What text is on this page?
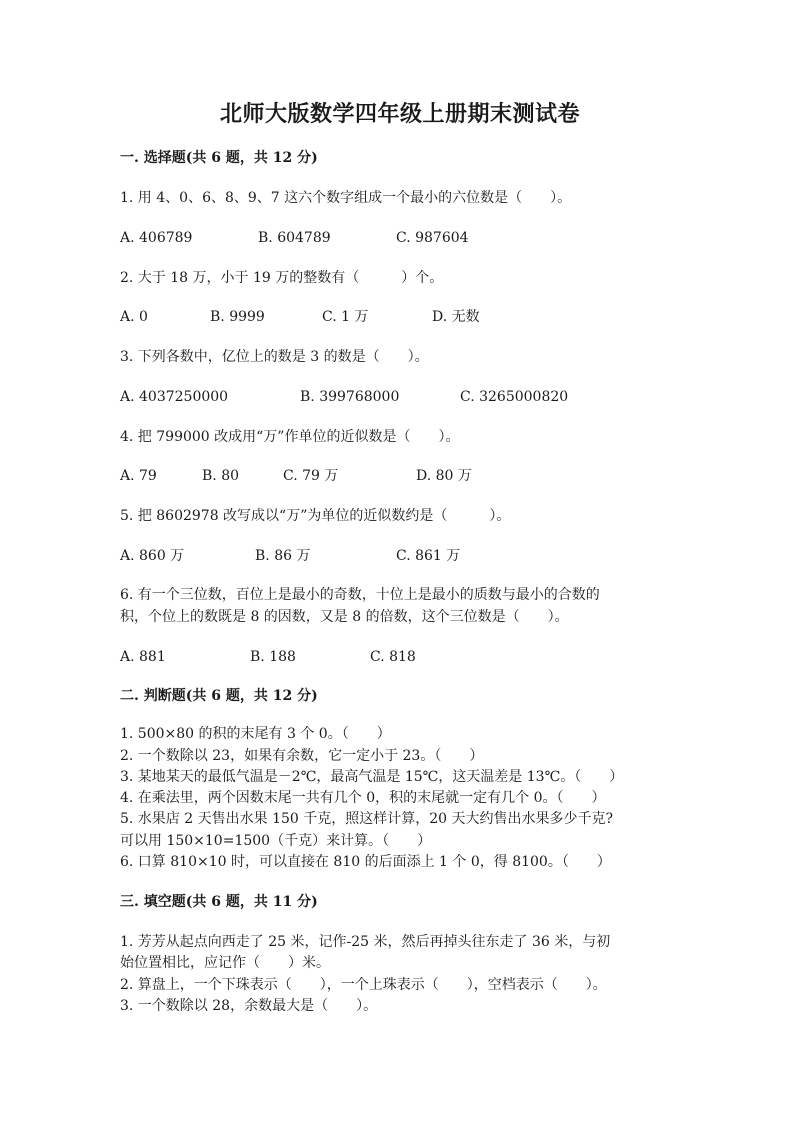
北师大版数学四年级上册期末测试卷
一. 选择题(共 6 题，共 12 分)
1. 用 4、0、6、8、9、7 这六个数字组成一个最小的六位数是（　　）。
A. 406789	B. 604789	C. 987604
2. 大于 18 万，小于 19 万的整数有（　　　）个。
A. 0	B. 9999	C. 1 万	D. 无数
3. 下列各数中，亿位上的数是 3 的数是（　　）。
A. 4037250000	B. 399768000	C. 3265000820
4. 把 799000 改成用“万”作单位的近似数是（　　）。
A. 79	B. 80	C. 79 万	D. 80 万
5. 把 8602978 改写成以“万”为单位的近似数约是（　　　）。
A. 860 万	B. 86 万	C. 861 万
6. 有一个三位数，百位上是最小的奇数，十位上是最小的质数与最小的合数的
积，个位上的数既是 8 的因数，又是 8 的倍数，这个三位数是（　　）。
A. 881	B. 188	C. 818
二. 判断题(共 6 题，共 12 分)
1. 500×80 的积的末尾有 3 个 0。（　　）
2. 一个数除以 23，如果有余数，它一定小于 23。（　　）
3. 某地某天的最低气温是－2℃，最高气温是 15℃，这天温差是 13℃。（　　）
4. 在乘法里，两个因数末尾一共有几个 0，积的末尾就一定有几个 0。（　　）
5. 水果店 2 天售出水果 150 千克，照这样计算，20 天大约售出水果多少千克?
可以用 150×10=1500（千克）来计算。（　　）
6. 口算 810×10 时，可以直接在 810 的后面添上 1 个 0，得 8100。（　　）
三. 填空题(共 6 题，共 11 分)
1. 芳芳从起点向西走了 25 米，记作-25 米，然后再掉头往东走了 36 米，与初
始位置相比，应记作（　　）米。
2. 算盘上，一个下珠表示（　　），一个上珠表示（　　），空档表示（　　）。
3. 一个数除以 28，余数最大是（　　）。
